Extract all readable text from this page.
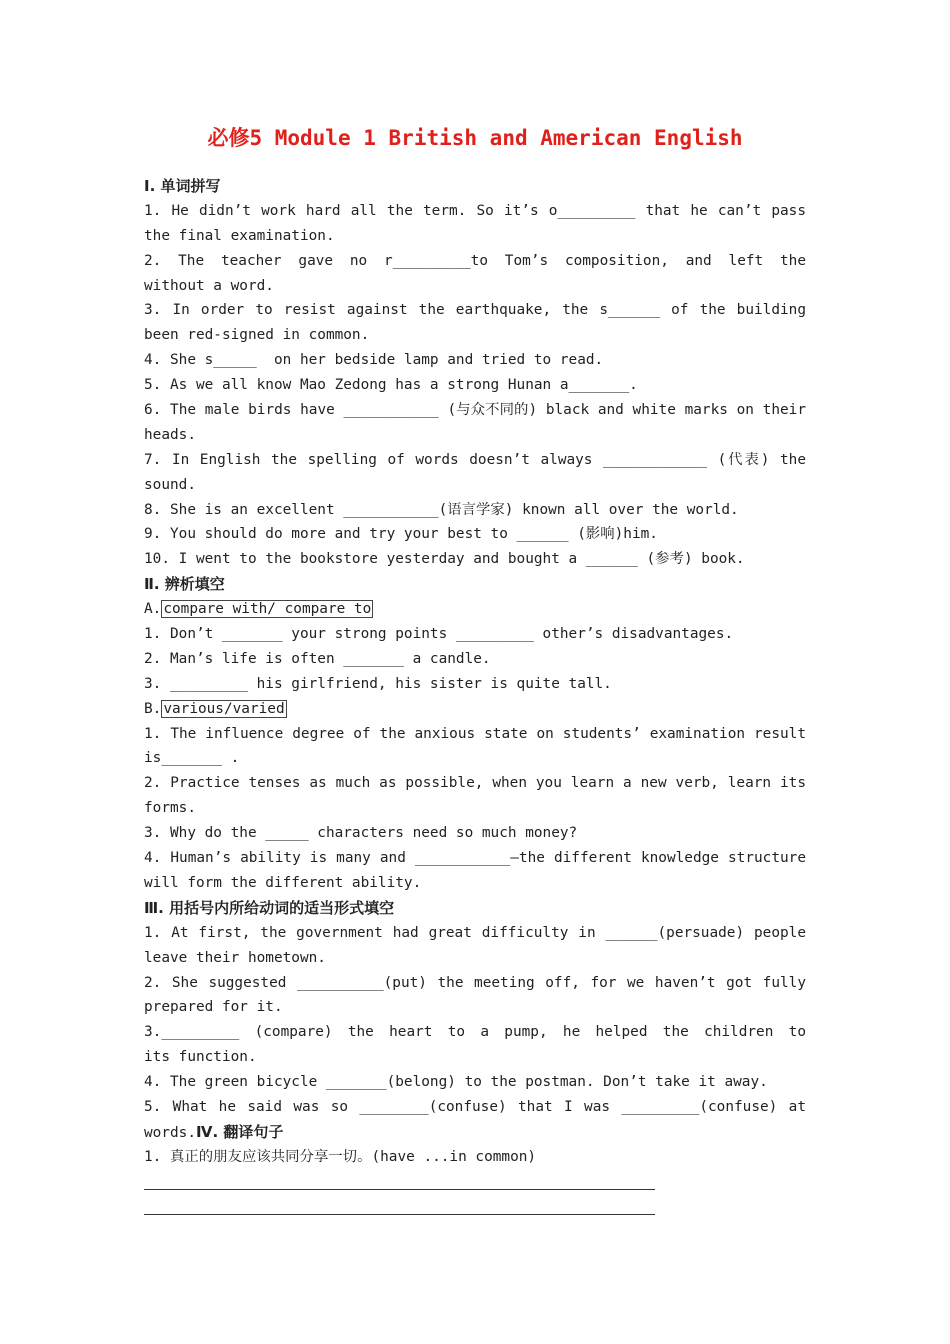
必修5 Module 1 British and American English
Ⅰ. 单词拼写
1. He didn’t work hard all the term. So it’s o_________ that he can’t pass
the final examination.
2. The teacher gave no r_________to Tom’s composition, and left the
without a word.
3. In order to resist against the earthquake, the s______ of the building
been red-signed in common.
4. She s_____  on her bedside lamp and tried to read.
5. As we all know Mao Zedong has a strong Hunan a_______.
6. The male birds have ___________ (与众不同的) black and white marks on their
heads.
7. In English the spelling of words doesn’t always ____________ (代表) the
sound.
8. She is an excellent ___________(语言学家) known all over the world.
9. You should do more and try your best to ______ (影响)him.
10. I went to the bookstore yesterday and bought a ______ (参考) book.
Ⅱ. 辨析填空
A. compare with/ compare to
1. Don’t _______ your strong points _________ other’s disadvantages.
2. Man’s life is often _______ a candle.
3. _________ his girlfriend, his sister is quite tall.
B. various/varied
1. The influence degree of the anxious state on students’ examination result
is_______ .
2. Practice tenses as much as possible, when you learn a new verb, learn its
forms.
3. Why do the _____ characters need so much money?
4. Human’s ability is many and ___________—the different knowledge structure
will form the different ability.
Ⅲ. 用括号内所给动词的适当形式填空
1. At first, the government had great difficulty in ______(persuade) people
leave their hometown.
2. She suggested __________(put) the meeting off, for we haven’t got fully
prepared for it.
3._________ (compare) the heart to a pump, he helped the children to
its function.
4. The green bicycle _______(belong) to the postman. Don’t take it away.
5. What he said was so ________(confuse) that I was _________(confuse) at
words.Ⅳ. 翻译句子
1. 真正的朋友应该共同分享一切。(have ...in common)
